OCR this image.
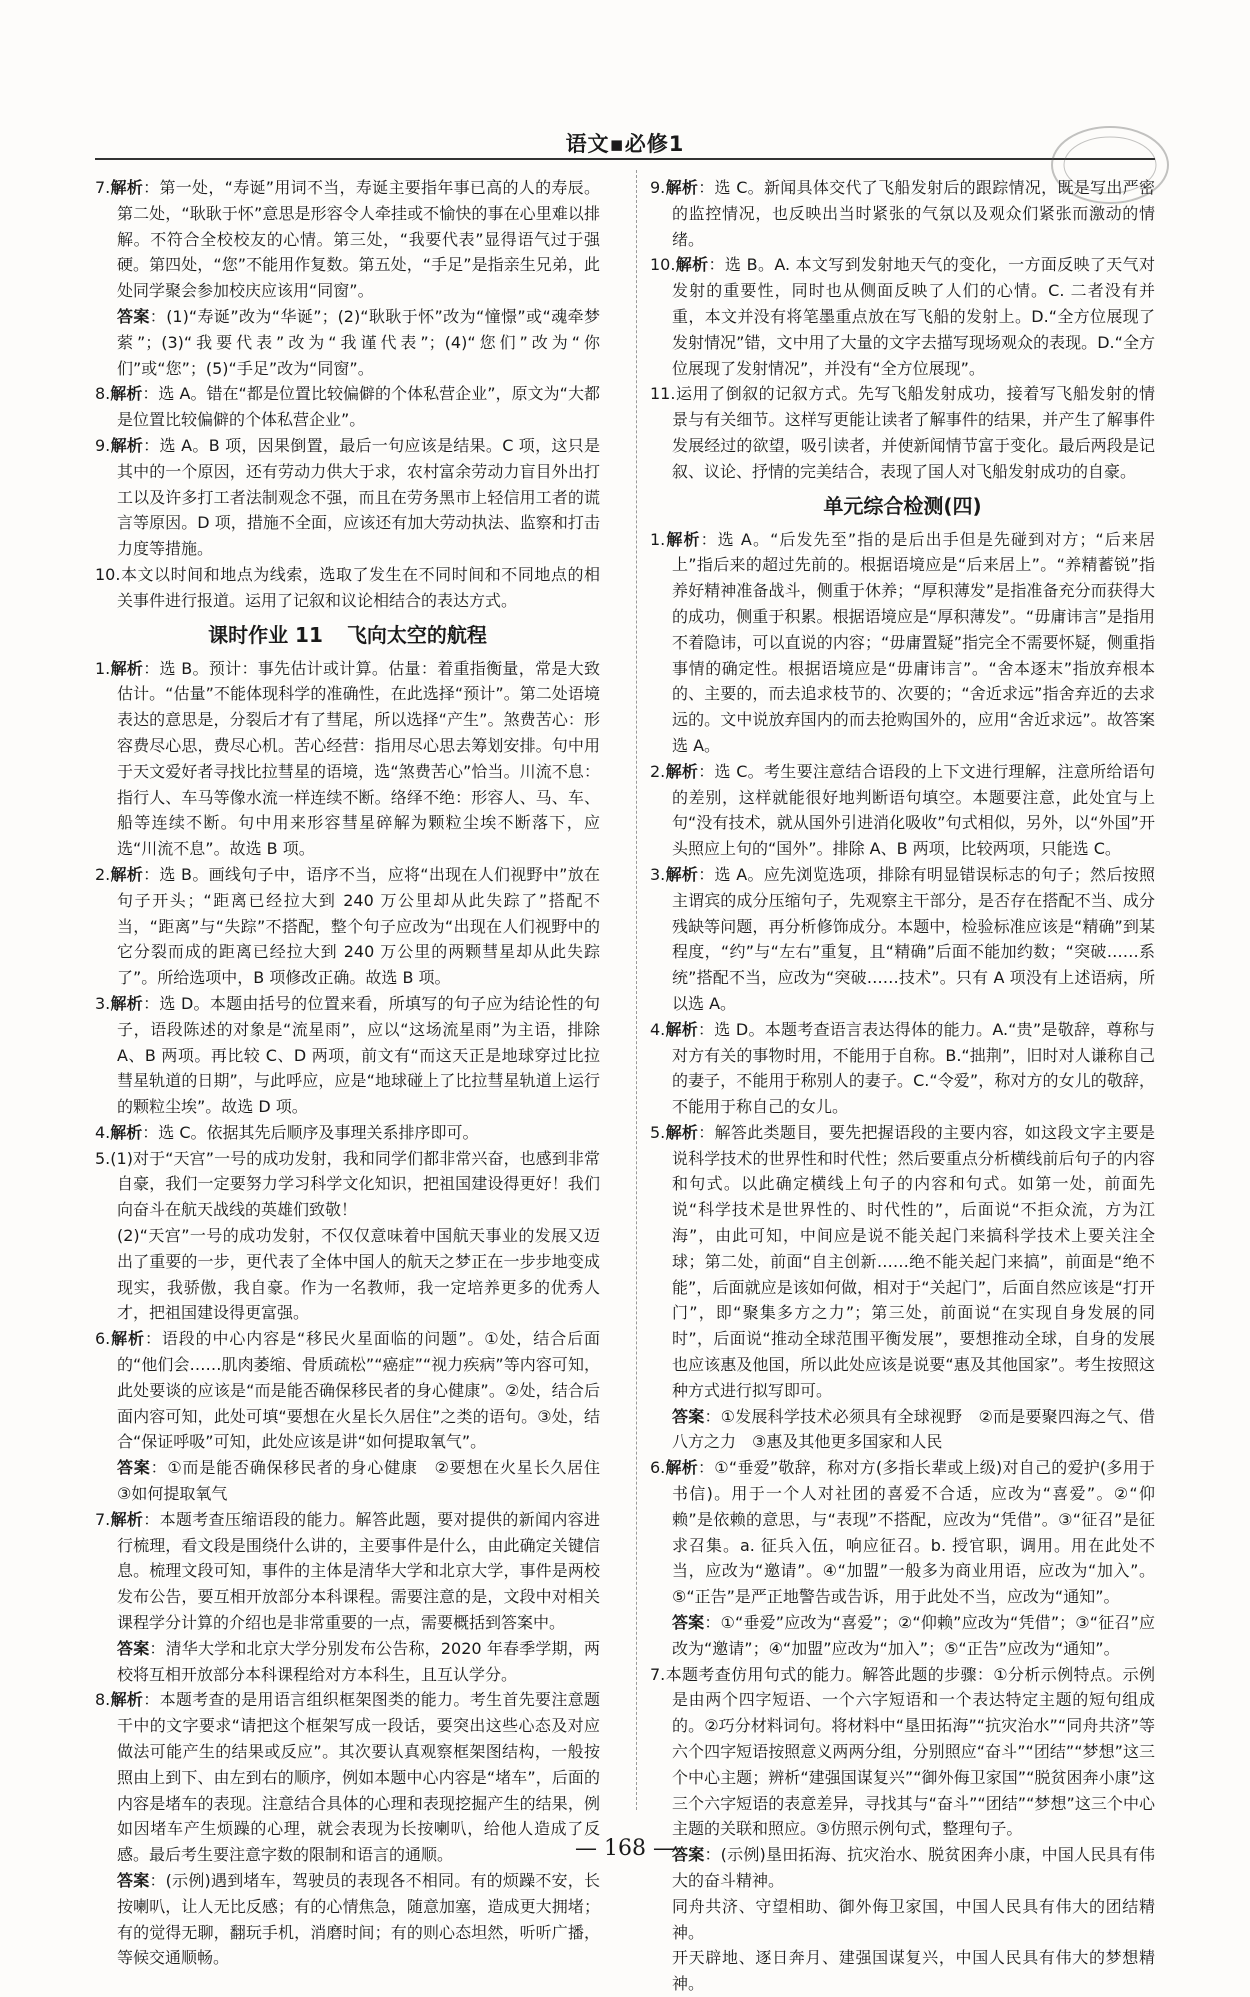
语文▪必修1

7.解析：第一处，“寿诞”用词不当，寿诞主要指年事已高的人的寿辰。第二处，“耿耿于怀”意思是形容令人牵挂或不愉快的事在心里难以排解。不符合全校校友的心情。第三处，“我要代表”显得语气过于强硬。第四处，“您”不能用作复数。第五处，“手足”是指亲生兄弟，此处同学聚会参加校庆应该用“同窗”。
答案：(1)“寿诞”改为“华诞”；(2)“耿耿于怀”改为“憧憬”或“魂牵梦萦”；(3)“我要代表”改为“我谨代表”；(4)“您们”改为“你们”或“您”；(5)“手足”改为“同窗”。

8.解析：选 A。错在“都是位置比较偏僻的个体私营企业”，原文为“大都是位置比较偏僻的个体私营企业”。

9.解析：选 A。B 项，因果倒置，最后一句应该是结果。C 项，这只是其中的一个原因，还有劳动力供大于求，农村富余劳动力盲目外出打工以及许多打工者法制观念不强，而且在劳务黑市上轻信用工者的谎言等原因。D 项，措施不全面，应该还有加大劳动执法、监察和打击力度等措施。

10.本文以时间和地点为线索，选取了发生在不同时间和不同地点的相关事件进行报道。运用了记叙和议论相结合的表达方式。

课时作业 11 飞向太空的航程

1.解析：选 B。预计：事先估计或计算。估量：着重指衡量，常是大致估计。“估量”不能体现科学的准确性，在此选择“预计”。第二处语境表达的意思是，分裂后才有了彗尾，所以选择“产生”。煞费苦心：形容费尽心思，费尽心机。苦心经营：指用尽心思去筹划安排。句中用于天文爱好者寻找比拉彗星的语境，选“煞费苦心”恰当。川流不息：指行人、车马等像水流一样连续不断。络绎不绝：形容人、马、车、船等连续不断。句中用来形容彗星碎解为颗粒尘埃不断落下，应选“川流不息”。故选 B 项。

2.解析：选 B。画线句子中，语序不当，应将“出现在人们视野中”放在句子开头；“距离已经拉大到 240 万公里却从此失踪了”搭配不当，“距离”与“失踪”不搭配，整个句子应改为“出现在人们视野中的它分裂而成的距离已经拉大到 240 万公里的两颗彗星却从此失踪了”。所给选项中，B 项修改正确。故选 B 项。

3.解析：选 D。本题由括号的位置来看，所填写的句子应为结论性的句子，语段陈述的对象是“流星雨”，应以“这场流星雨”为主语，排除 A、B 两项。再比较 C、D 两项，前文有“而这天正是地球穿过比拉彗星轨道的日期”，与此呼应，应是“地球碰上了比拉彗星轨道上运行的颗粒尘埃”。故选 D 项。

4.解析：选 C。依据其先后顺序及事理关系排序即可。

5.(1)对于“天宫”一号的成功发射，我和同学们都非常兴奋，也感到非常自豪，我们一定要努力学习科学文化知识，把祖国建设得更好！我们向奋斗在航天战线的英雄们致敬！
(2)“天宫”一号的成功发射，不仅仅意味着中国航天事业的发展又迈出了重要的一步，更代表了全体中国人的航天之梦正在一步步地变成现实，我骄傲，我自豪。作为一名教师，我一定培养更多的优秀人才，把祖国建设得更富强。

6.解析：语段的中心内容是“移民火星面临的问题”。①处，结合后面的“他们会……肌肉萎缩、骨质疏松”“癌症”“视力疾病”等内容可知，此处要谈的应该是“而是能否确保移民者的身心健康”。②处，结合后面内容可知，此处可填“要想在火星长久居住”之类的语句。③处，结合“保证呼吸”可知，此处应该是讲“如何提取氧气”。
答案：①而是能否确保移民者的身心健康　②要想在火星长久居住　③如何提取氧气

7.解析：本题考查压缩语段的能力。解答此题，要对提供的新闻内容进行梳理，看文段是围绕什么讲的，主要事件是什么，由此确定关键信息。梳理文段可知，事件的主体是清华大学和北京大学，事件是两校发布公告，要互相开放部分本科课程。需要注意的是，文段中对相关课程学分计算的介绍也是非常重要的一点，需要概括到答案中。
答案：清华大学和北京大学分别发布公告称，2020 年春季学期，两校将互相开放部分本科课程给对方本科生，且互认学分。

8.解析：本题考查的是用语言组织框架图类的能力。考生首先要注意题干中的文字要求“请把这个框架写成一段话，要突出这些心态及对应做法可能产生的结果或反应”。其次要认真观察框架图结构，一般按照由上到下、由左到右的顺序，例如本题中心内容是“堵车”，后面的内容是堵车的表现。注意结合具体的心理和表现挖掘产生的结果，例如因堵车产生烦躁的心理，就会表现为长按喇叭，给他人造成了反感。最后考生要注意字数的限制和语言的通顺。
答案：(示例)遇到堵车，驾驶员的表现各不相同。有的烦躁不安，长按喇叭，让人无比反感；有的心情焦急，随意加塞，造成更大拥堵；有的觉得无聊，翻玩手机，消磨时间；有的则心态坦然，听听广播，等候交通顺畅。

9.解析：选 C。新闻具体交代了飞船发射后的跟踪情况，既是写出严密的监控情况，也反映出当时紧张的气氛以及观众们紧张而激动的情绪。

10.解析：选 B。A. 本文写到发射地天气的变化，一方面反映了天气对发射的重要性，同时也从侧面反映了人们的心情。C. 二者没有并重，本文并没有将笔墨重点放在写飞船的发射上。D.“全方位展现了发射情况”错，文中用了大量的文字去描写现场观众的表现。D.“全方位展现了发射情况”，并没有“全方位展现”。

11.运用了倒叙的记叙方式。先写飞船发射成功，接着写飞船发射的情景与有关细节。这样写更能让读者了解事件的结果，并产生了解事件发展经过的欲望，吸引读者，并使新闻情节富于变化。最后两段是记叙、议论、抒情的完美结合，表现了国人对飞船发射成功的自豪。

单元综合检测(四)

1.解析：选 A。“后发先至”指的是后出手但是先碰到对方；“后来居上”指后来的超过先前的。根据语境应是“后来居上”。“养精蓄锐”指养好精神准备战斗，侧重于休养；“厚积薄发”是指准备充分而获得大的成功，侧重于积累。根据语境应是“厚积薄发”。“毋庸讳言”是指用不着隐讳，可以直说的内容；“毋庸置疑”指完全不需要怀疑，侧重指事情的确定性。根据语境应是“毋庸讳言”。“舍本逐末”指放弃根本的、主要的，而去追求枝节的、次要的；“舍近求远”指舍弃近的去求远的。文中说放弃国内的而去抢购国外的，应用“舍近求远”。故答案选 A。

2.解析：选 C。考生要注意结合语段的上下文进行理解，注意所给语句的差别，这样就能很好地判断语句填空。本题要注意，此处宜与上句“没有技术，就从国外引进消化吸收”句式相似，另外，以“外国”开头照应上句的“国外”。排除 A、B 两项，比较两项，只能选 C。

3.解析：选 A。应先浏览选项，排除有明显错误标志的句子；然后按照主谓宾的成分压缩句子，先观察主干部分，是否存在搭配不当、成分残缺等问题，再分析修饰成分。本题中，检验标准应该是“精确”到某程度，“约”与“左右”重复，且“精确”后面不能加约数；“突破……系统”搭配不当，应改为“突破……技术”。只有 A 项没有上述语病，所以选 A。

4.解析：选 D。本题考查语言表达得体的能力。A.“贵”是敬辞，尊称与对方有关的事物时用，不能用于自称。B.“拙荆”，旧时对人谦称自己的妻子，不能用于称别人的妻子。C.“令爱”，称对方的女儿的敬辞，不能用于称自己的女儿。

5.解析：解答此类题目，要先把握语段的主要内容，如这段文字主要是说科学技术的世界性和时代性；然后要重点分析横线前后句子的内容和句式。以此确定横线上句子的内容和句式。如第一处，前面先说“科学技术是世界性的、时代性的”，后面说“不拒众流，方为江海”，由此可知，中间应是说不能关起门来搞科学技术上要关注全球；第二处，前面“自主创新……绝不能关起门来搞”，前面是“绝不能”，后面就应是该如何做，相对于“关起门”，后面自然应该是“打开门”，即“聚集多方之力”；第三处，前面说“在实现自身发展的同时”，后面说“推动全球范围平衡发展”，要想推动全球，自身的发展也应该惠及他国，所以此处应该是说要“惠及其他国家”。考生按照这种方式进行拟写即可。
答案：①发展科学技术必须具有全球视野　②而是要聚四海之气、借八方之力　③惠及其他更多国家和人民

6.解析：①“垂爱”敬辞，称对方(多指长辈或上级)对自己的爱护(多用于书信)。用于一个人对社团的喜爱不合适，应改为“喜爱”。②“仰赖”是依赖的意思，与“表现”不搭配，应改为“凭借”。③“征召”是征求召集。a. 征兵入伍，响应征召。b. 授官职，调用。用在此处不当，应改为“邀请”。④“加盟”一般多为商业用语，应改为“加入”。⑤“正告”是严正地警告或告诉，用于此处不当，应改为“通知”。
答案：①“垂爱”应改为“喜爱”；②“仰赖”应改为“凭借”；③“征召”应改为“邀请”；④“加盟”应改为“加入”；⑤“正告”应改为“通知”。

7.本题考查仿用句式的能力。解答此题的步骤：①分析示例特点。示例是由两个四字短语、一个六字短语和一个表达特定主题的短句组成的。②巧分材料词句。将材料中“垦田拓海”“抗灾治水”“同舟共济”等六个四字短语按照意义两两分组，分别照应“奋斗”“团结”“梦想”这三个中心主题；辨析“建强国谋复兴”“御外侮卫家国”“脱贫困奔小康”这三个六字短语的表意差异，寻找其与“奋斗”“团结”“梦想”这三个中心主题的关联和照应。③仿照示例句式，整理句子。
答案：(示例)垦田拓海、抗灾治水、脱贫困奔小康，中国人民具有伟大的奋斗精神。
同舟共济、守望相助、御外侮卫家国，中国人民具有伟大的团结精神。
开天辟地、逐日奔月、建强国谋复兴，中国人民具有伟大的梦想精神。

— 168 —
